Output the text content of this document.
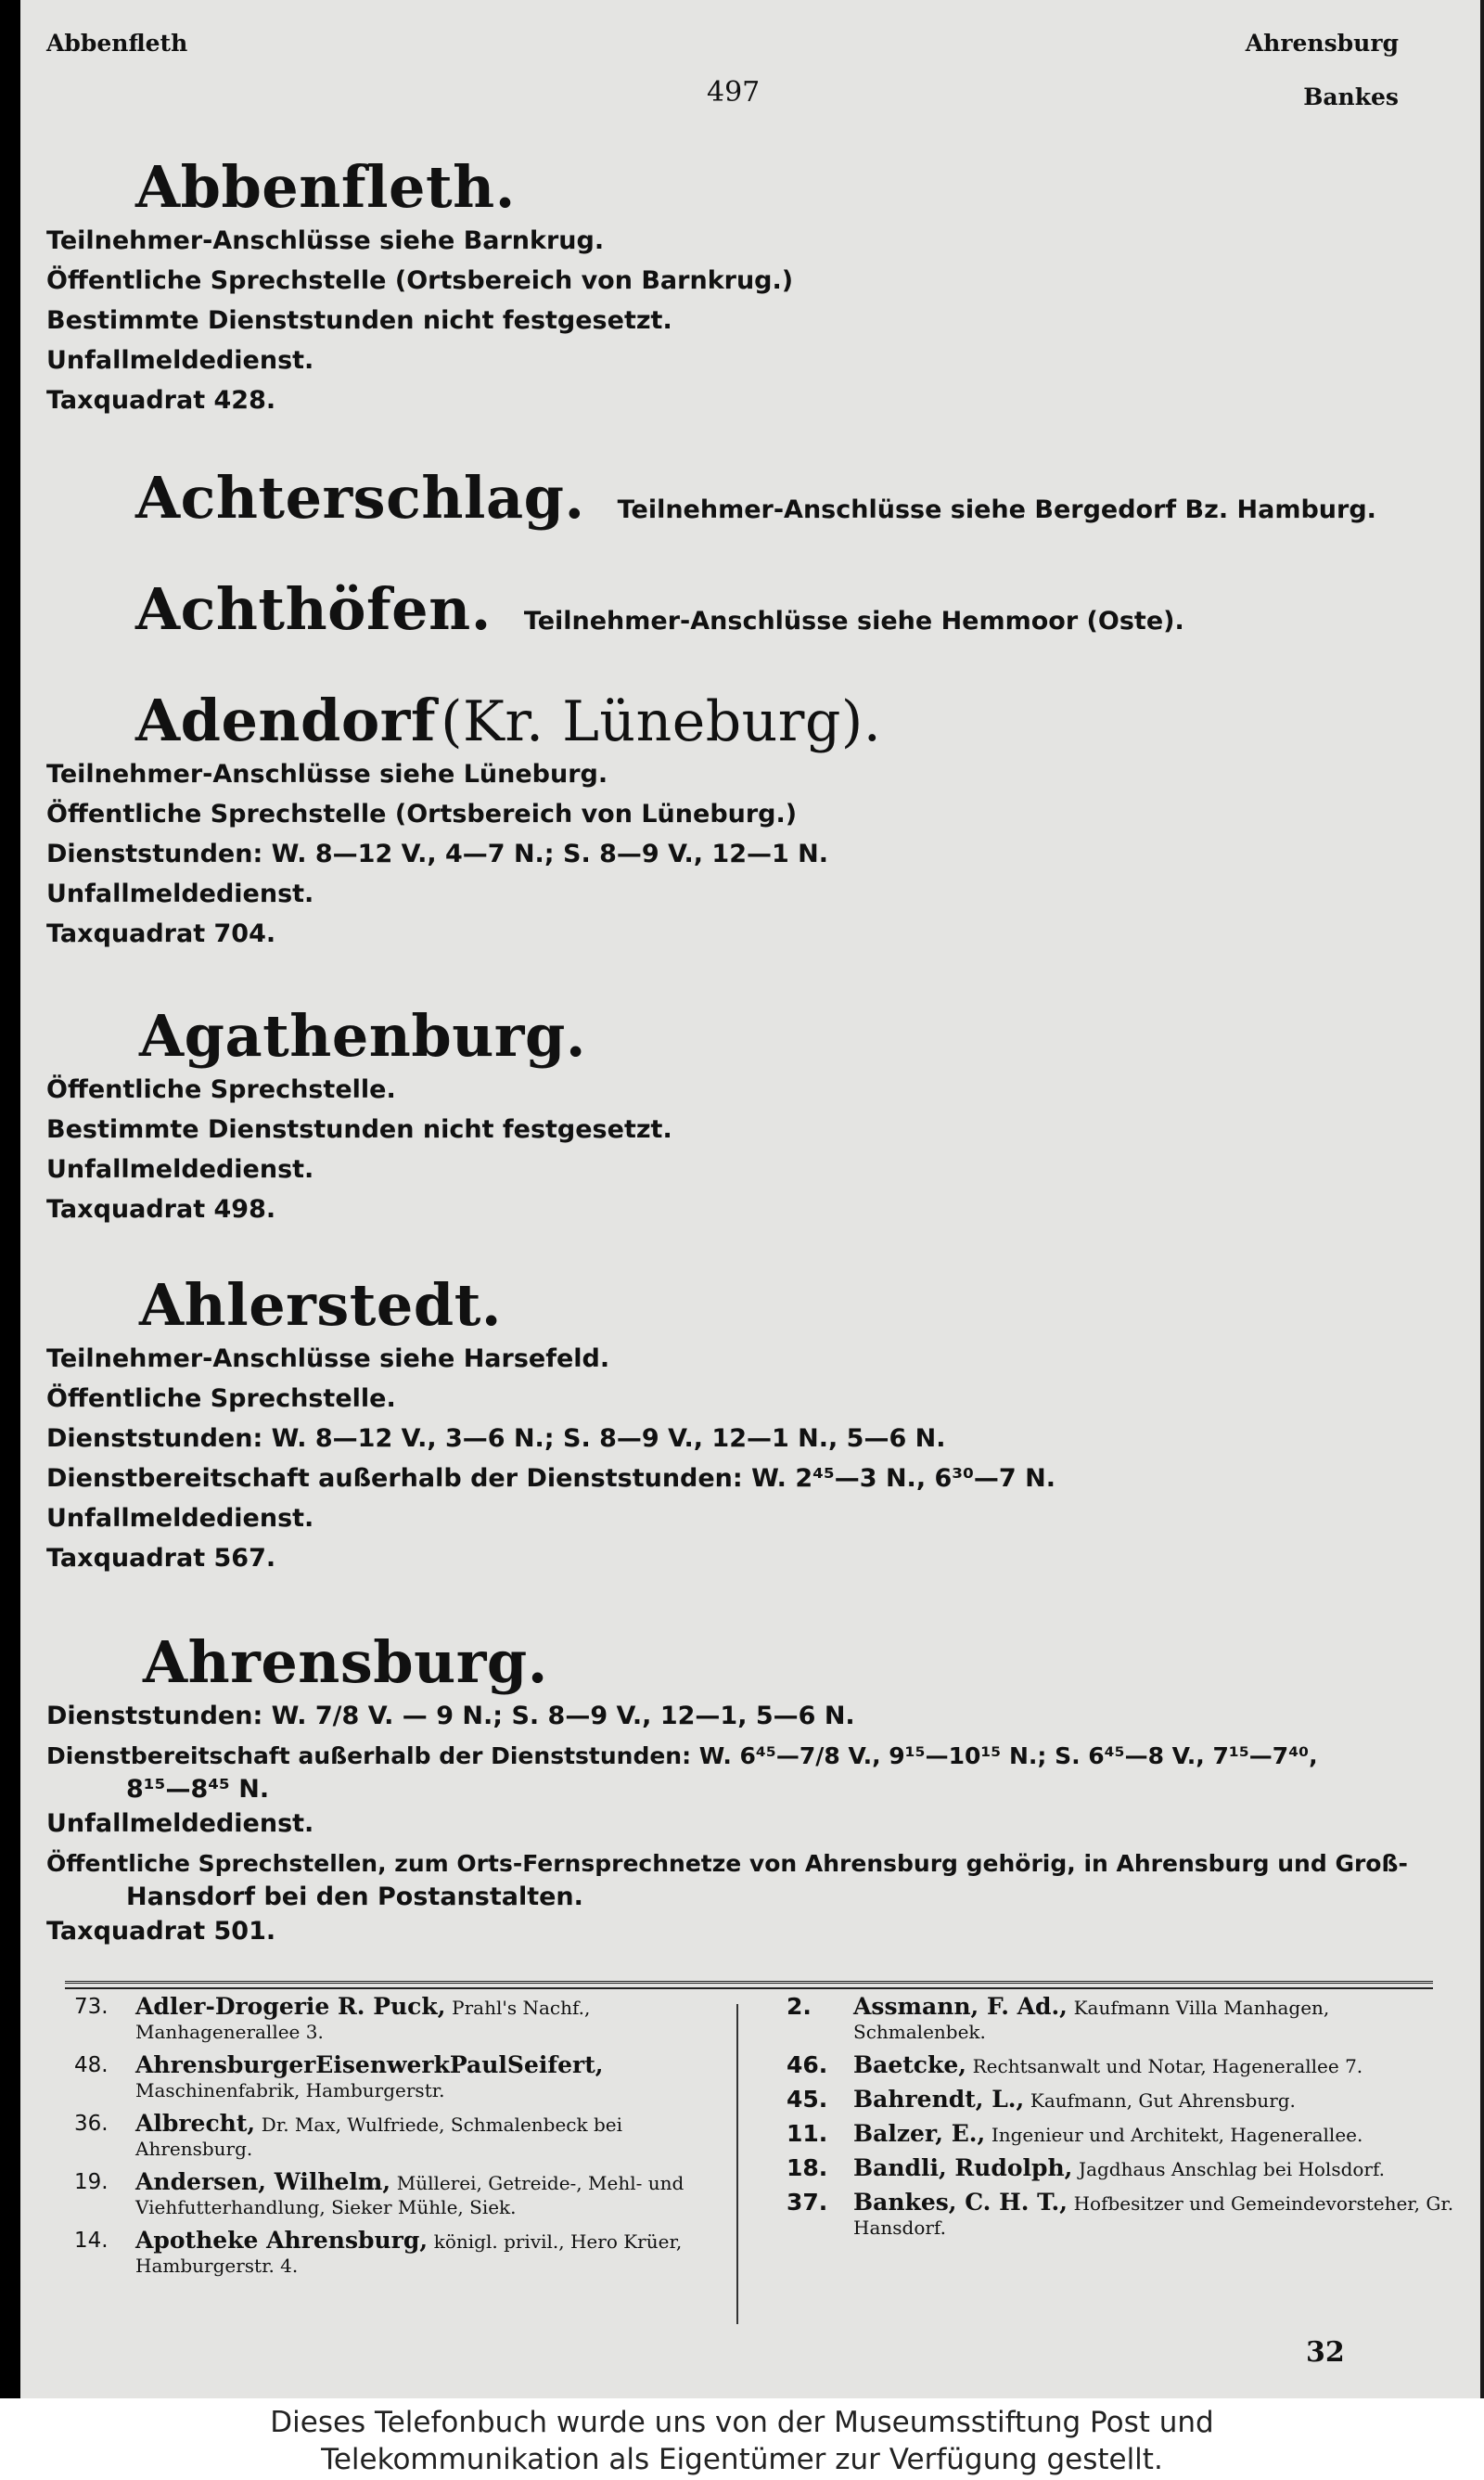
Abbenfleth
497
Ahrensburg
Bankes
Abbenfleth.
Teilnehmer-Anschlüsse siehe Barnkrug.
Öffentliche Sprechstelle (Ortsbereich von Barnkrug.)
Bestimmte Dienststunden nicht festgesetzt.
Unfallmeldedienst.
Taxquadrat 428.
Achterschlag. Teilnehmer-Anschlüsse siehe Bergedorf Bz. Hamburg.
Achthöfen. Teilnehmer-Anschlüsse siehe Hemmoor (Oste).
Adendorf (Kr. Lüneburg).
Teilnehmer-Anschlüsse siehe Lüneburg.
Öffentliche Sprechstelle (Ortsbereich von Lüneburg.)
Dienststunden: W. 8—12 V., 4—7 N.; S. 8—9 V., 12—1 N.
Unfallmeldedienst.
Taxquadrat 704.
Agathenburg.
Öffentliche Sprechstelle.
Bestimmte Dienststunden nicht festgesetzt.
Unfallmeldedienst.
Taxquadrat 498.
Ahlerstedt.
Teilnehmer-Anschlüsse siehe Harsefeld.
Öffentliche Sprechstelle.
Dienststunden: W. 8—12 V., 3—6 N.; S. 8—9 V., 12—1 N., 5—6 N.
Dienstbereitschaft außerhalb der Dienststunden: W. 2⁴⁵—3 N., 6³⁰—7 N.
Unfallmeldedienst.
Taxquadrat 567.
Ahrensburg.
Dienststunden: W. 7/8 V. — 9 N.; S. 8—9 V., 12—1, 5—6 N.
Dienstbereitschaft außerhalb der Dienststunden: W. 6⁴⁵—7/8 V., 9¹⁵—10¹⁵ N.; S. 6⁴⁵—8 V., 7¹⁵—7⁴⁰,
8¹⁵—8⁴⁵ N.
Unfallmeldedienst.
Öffentliche Sprechstellen, zum Orts-Fernsprechnetze von Ahrensburg gehörig, in Ahrensburg und Groß-
Hansdorf bei den Postanstalten.
Taxquadrat 501.
73.	Adler-Drogerie R. Puck, Prahl's Nachf., Manhagenerallee 3.
48.	AhrensburgerEisenwerkPaulSeifert, Maschinenfabrik, Hamburgerstr.
36.	Albrecht, Dr. Max, Wulfriede, Schmalenbeck bei Ahrensburg.
19.	Andersen, Wilhelm, Müllerei, Getreide-, Mehl- und Viehfutterhandlung, Sieker Mühle, Siek.
14.	Apotheke Ahrensburg, königl. privil., Hero Krüer, Hamburgerstr. 4.
2.	Assmann, F. Ad., Kaufmann Villa Manhagen, Schmalenbek.
46.	Baetcke, Rechtsanwalt und Notar, Hagenerallee 7.
45.	Bahrendt, L., Kaufmann, Gut Ahrensburg.
11.	Balzer, E., Ingenieur und Architekt, Hagenerallee.
18.	Bandli, Rudolph, Jagdhaus Anschlag bei Holsdorf.
37.	Bankes, C. H. T., Hofbesitzer und Gemeindevorsteher, Gr. Hansdorf.
32
Dieses Telefonbuch wurde uns von der Museumsstiftung Post und
Telekommunikation als Eigentümer zur Verfügung gestellt.
